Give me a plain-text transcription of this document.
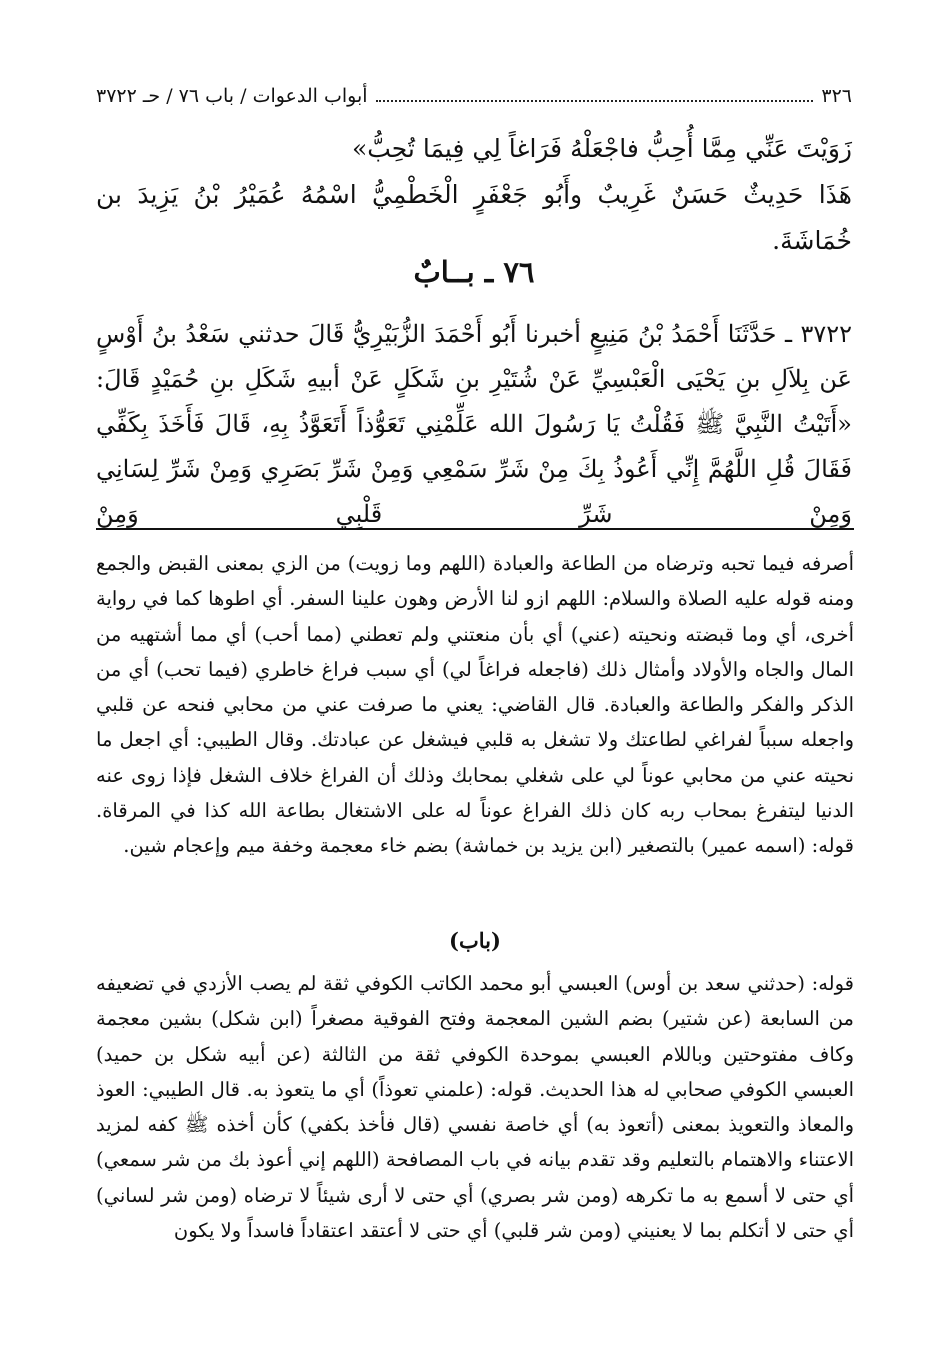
٣٢٦
أبواب الدعوات / باب ٧٦ / حـ ٣٧٢٢

زَوَيْتَ عَنِّي مِمَّا أُحِبُّ فاجْعَلْهُ فَرَاغاً لِي فِيمَا تُحِبُّ»

هَذَا حَدِيثٌ حَسَنٌ غَرِيبٌ وأَبُو جَعْفَرٍ الْخَطْمِيُّ اسْمُهُ عُمَيْرُ بْنُ يَزِيدَ بن خُمَاشَةَ.

٧٦ ـ بــابٌ
٣٧٢٢ ـ حَدَّثَنَا أَحْمَدُ بْنُ مَنِيعٍ أخبرنا أَبُو أَحْمَدَ الزُّبَيْرِيُّ قَالَ حدثني سَعْدُ بنُ أَوْسٍ عَن بِلاَلِ بنِ يَحْيَى الْعَبْسِيِّ عَنْ شُتَيْرِ بنِ شَكَلٍ عَنْ أبيهِ شَكَلِ بنِ حُمَيْدٍ قَالَ: «أَتَيْتُ النَّبِيَّ ﷺ فَقُلْتُ يَا رَسُولَ الله عَلِّمْنِي تَعَوُّذاً أَتَعَوَّذُ بِهِ، قَالَ فَأَخَذَ بِكَفِّي فَقَالَ قُلِ اللَّهُمَّ إِنِّي أَعُوذُ بِكَ مِنْ شَرِّ سَمْعِي وَمِنْ شَرِّ بَصَرِي وَمِنْ شَرِّ لِسَانِي وَمِنْ شَرِّ قَلْبِي وَمِنْ
أصرفه فيما تحبه وترضاه من الطاعة والعبادة (اللهم وما زويت) من الزي بمعنى القبض والجمع ومنه قوله عليه الصلاة والسلام: اللهم ازو لنا الأرض وهون علينا السفر. أي اطوها كما في رواية أخرى، أي وما قبضته ونحيته (عني) أي بأن منعتني ولم تعطني (مما أحب) أي مما أشتهيه من المال والجاه والأولاد وأمثال ذلك (فاجعله فراغاً لي) أي سبب فراغ خاطري (فيما تحب) أي من الذكر والفكر والطاعة والعبادة. قال القاضي: يعني ما صرفت عني من محابي فنحه عن قلبي واجعله سبباً لفراغي لطاعتك ولا تشغل به قلبي فيشغل عن عبادتك. وقال الطيبي: أي اجعل ما نحيته عني من محابي عوناً لي على شغلي بمحابك وذلك أن الفراغ خلاف الشغل فإذا زوى عنه الدنيا ليتفرغ بمحاب ربه كان ذلك الفراغ عوناً له على الاشتغال بطاعة الله كذا في المرقاة. قوله: (اسمه عمير) بالتصغير (ابن يزيد بن خماشة) بضم خاء معجمة وخفة ميم وإعجام شين.
(باب)
قوله: (حدثني سعد بن أوس) العبسي أبو محمد الكاتب الكوفي ثقة لم يصب الأزدي في تضعيفه من السابعة (عن شتير) بضم الشين المعجمة وفتح الفوقية مصغراً (ابن شكل) بشين معجمة وكاف مفتوحتين وباللام العبسي بموحدة الكوفي ثقة من الثالثة (عن أبيه شكل بن حميد) العبسي الكوفي صحابي له هذا الحديث. قوله: (علمني تعوذاً) أي ما يتعوذ به. قال الطيبي: العوذ والمعاذ والتعويذ بمعنى (أتعوذ به) أي خاصة نفسي (قال فأخذ بكفي) كأن أخذه ﷺ كفه لمزيد الاعتناء والاهتمام بالتعليم وقد تقدم بيانه في باب المصافحة (اللهم إني أعوذ بك من شر سمعي) أي حتى لا أسمع به ما تكرهه (ومن شر بصري) أي حتى لا أرى شيئاً لا ترضاه (ومن شر لساني) أي حتى لا أتكلم بما لا يعنيني (ومن شر قلبي) أي حتى لا أعتقد اعتقاداً فاسداً ولا يكون
